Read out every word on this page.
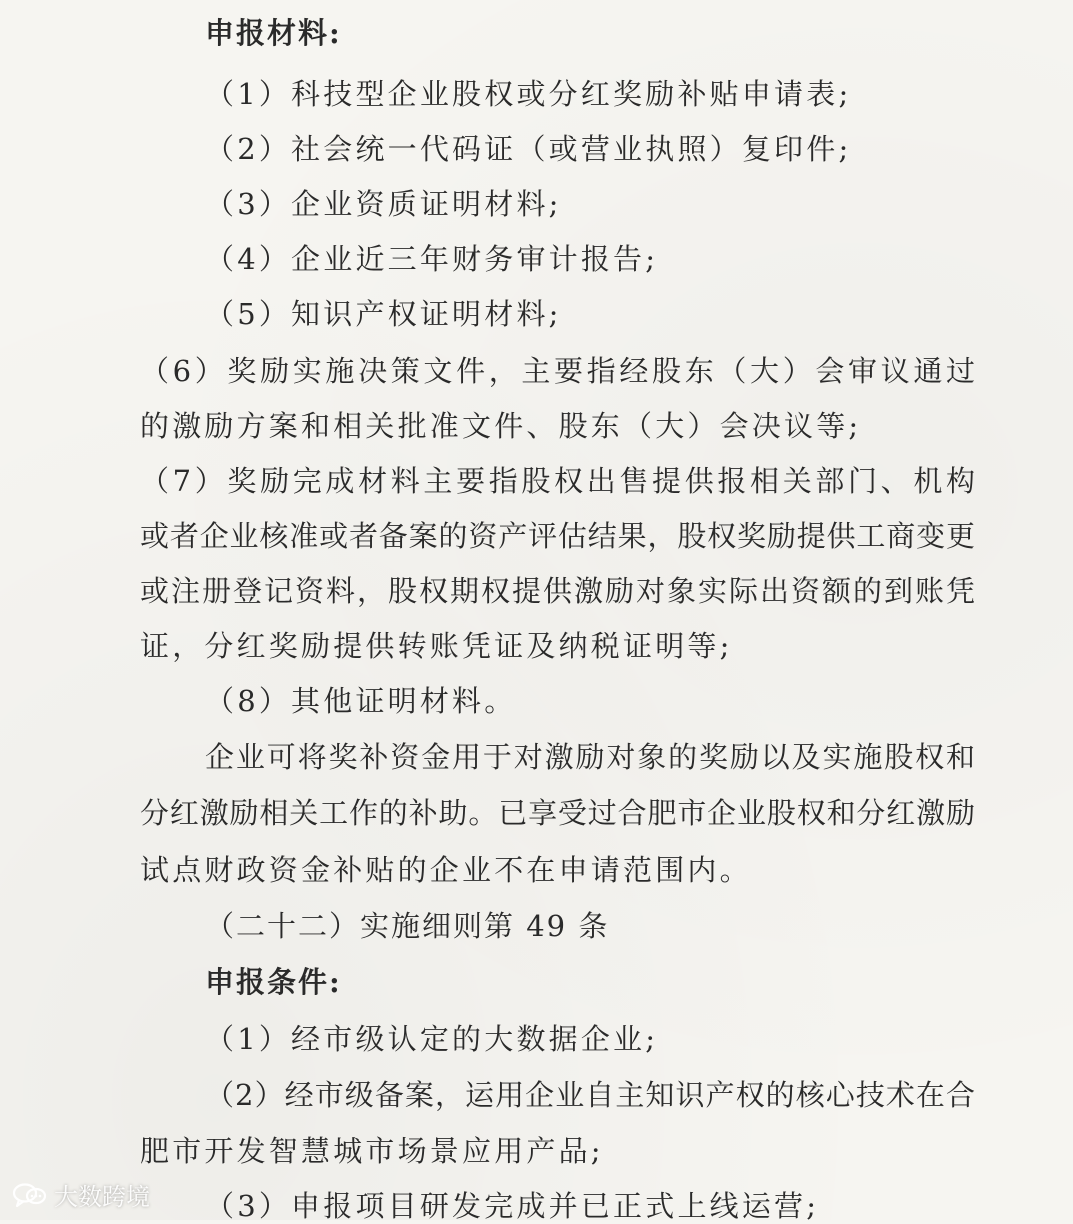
申报材料:
（1）科技型企业股权或分红奖励补贴申请表;
（2）社会统一代码证（或营业执照）复印件;
（3）企业资质证明材料;
（4）企业近三年财务审计报告;
（5）知识产权证明材料;
（6）奖励实施决策文件，主要指经股东（大）会审议通过
的激励方案和相关批准文件、股东（大）会决议等;
（7）奖励完成材料主要指股权出售提供报相关部门、机构
或者企业核准或者备案的资产评估结果，股权奖励提供工商变更
或注册登记资料，股权期权提供激励对象实际出资额的到账凭
证，分红奖励提供转账凭证及纳税证明等;
（8）其他证明材料。
企业可将奖补资金用于对激励对象的奖励以及实施股权和
分红激励相关工作的补助。已享受过合肥市企业股权和分红激励
试点财政资金补贴的企业不在申请范围内。
（二十二）实施细则第 49 条
申报条件:
（1）经市级认定的大数据企业;
（2）经市级备案，运用企业自主知识产权的核心技术在合
肥市开发智慧城市场景应用产品;
（3）申报项目研发完成并已正式上线运营;
大数跨境
